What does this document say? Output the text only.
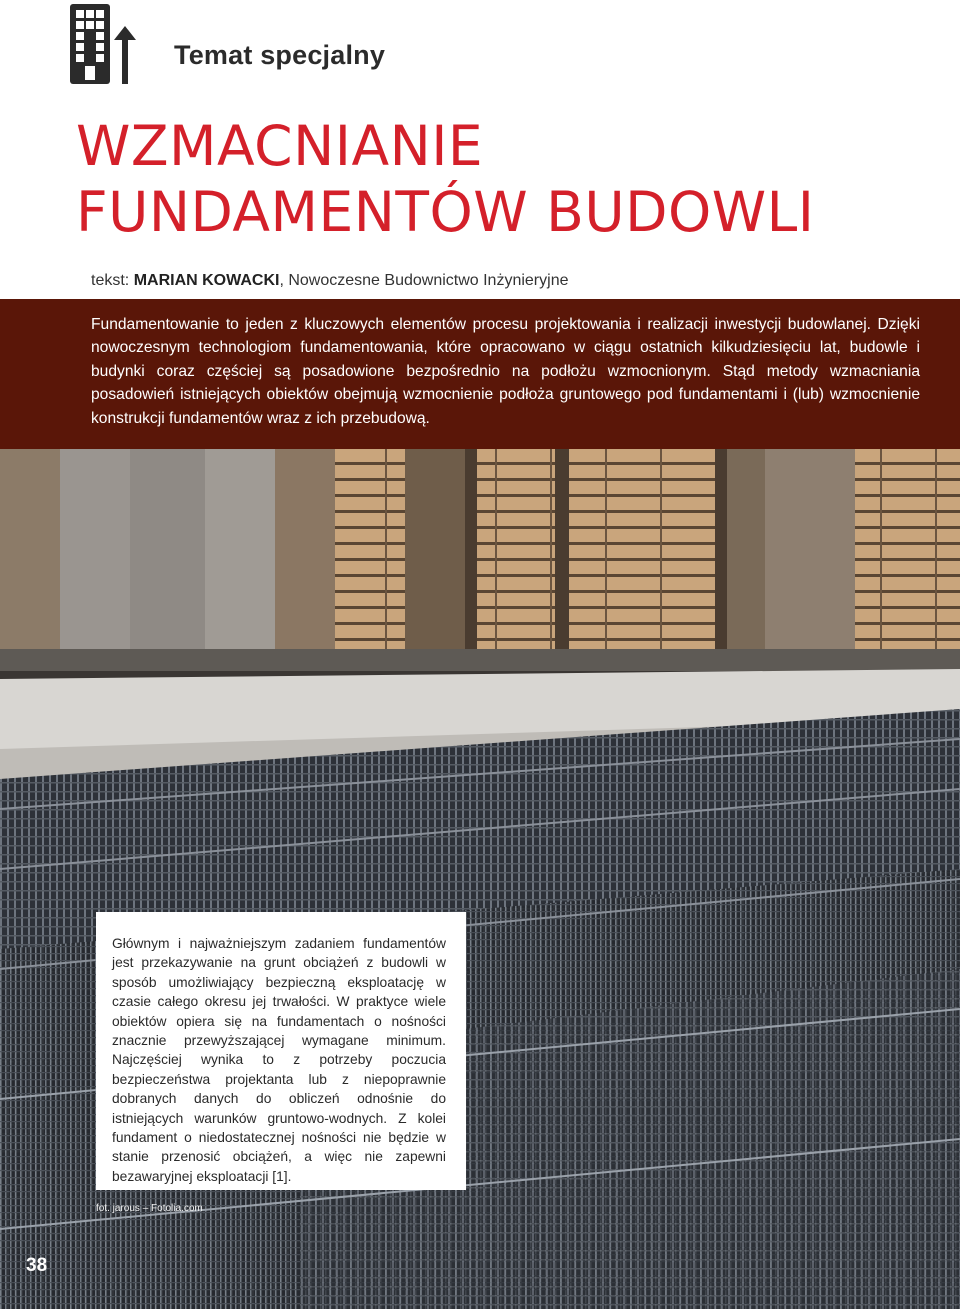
Temat specjalny
WZMACNIANIE
FUNDAMENTÓW BUDOWLI
tekst: MARIAN KOWACKI, Nowoczesne Budownictwo Inżynieryjne

Fundamentowanie to jeden z kluczowych elementów procesu projektowania i realizacji inwestycji budowlanej. Dzięki nowoczesnym technologiom fundamentowania, które opracowano w ciągu ostatnich kilkudziesięciu lat, budowle i budynki coraz częściej są posadowione bezpośrednio na podłożu wzmocnionym. Stąd metody wzmacniania posadowień istniejących obiektów obejmują wzmocnienie podłoża gruntowego pod fundamentami i (lub) wzmocnienie konstrukcji fundamentów wraz z ich przebudową.

Głównym i najważniejszym zadaniem fundamentów jest przekazywanie na grunt obciążeń z budowli w sposób umożliwiający bezpieczną eksploatację w czasie całego okresu jej trwałości. W praktyce wiele obiektów opiera się na fundamentach o nośności znacznie przewyższającej wymagane minimum. Najczęściej wynika to z potrzeby poczucia bezpieczeństwa projektanta lub z niepoprawnie dobranych danych do obliczeń odnośnie do istniejących warunków gruntowo-wodnych. Z kolei fundament o niedostatecznej nośności nie będzie w stanie przenosić obciążeń, a więc nie zapewni bezawaryjnej eksploatacji [1].

fot. jarous – Fotolia.com
38
